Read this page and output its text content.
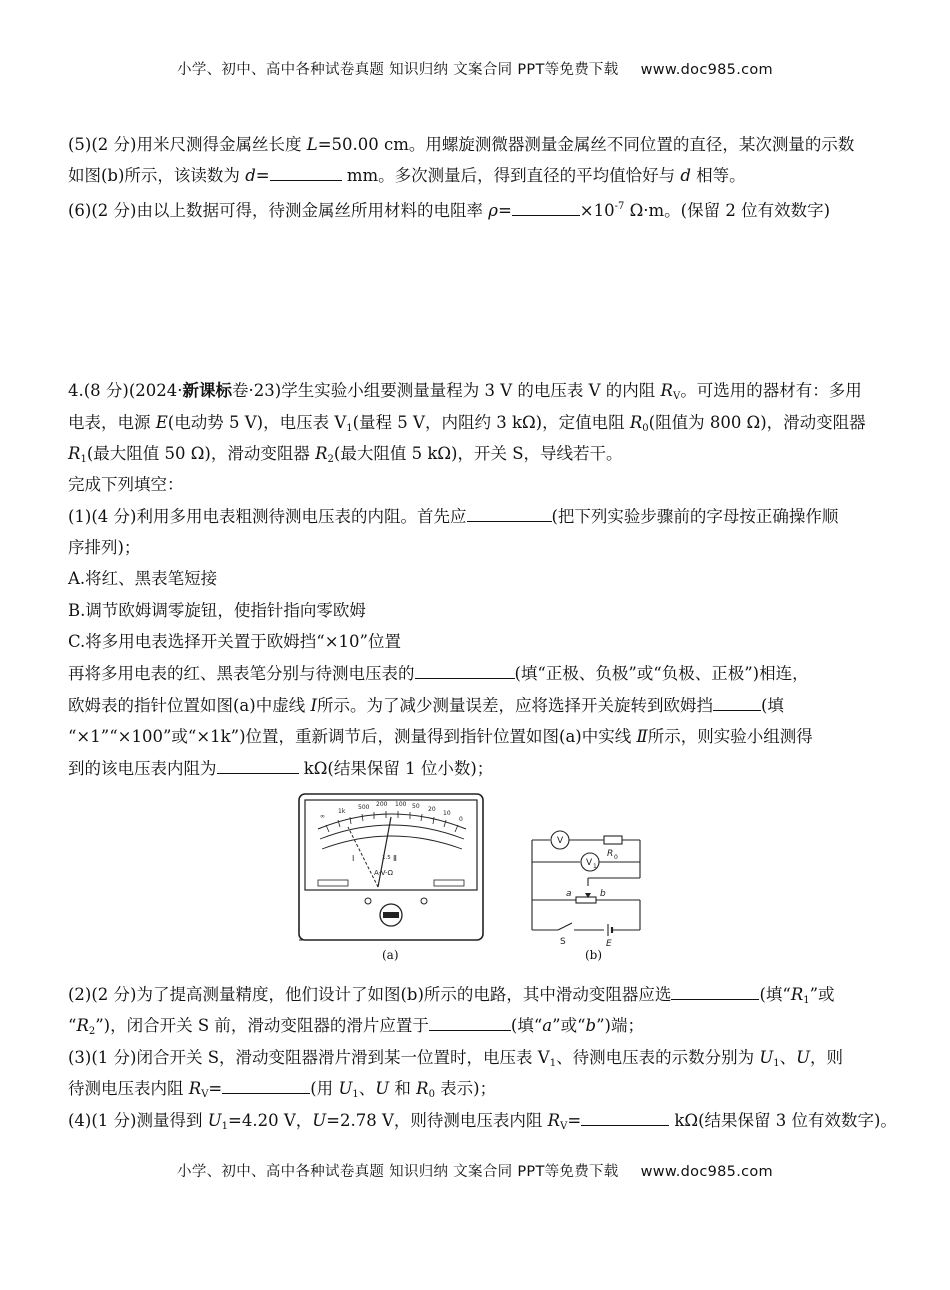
小学、初中、高中各种试卷真题 知识归纳 文案合同 PPT等免费下载 www.doc985.com
(5)(2 分)用米尺测得金属丝长度 L=50.00 cm。用螺旋测微器测量金属丝不同位置的直径，某次测量的示数
如图(b)所示，该读数为 d=	mm。多次测量后，得到直径的平均值恰好与 d 相等。
(6)(2 分)由以上数据可得，待测金属丝所用材料的电阻率 ρ=	$\times 10^{-7}$ Ω·m。(保留 2 位有效数字)
4.(8 分)(2024·新课标卷·23)学生实验小组要测量量程为 3 V 的电压表 V 的内阻 $R_V$。可选用的器材有：多用
电表，电源 E(电动势 5 V)，电压表 $V_1$(量程 5 V，内阻约 3 kΩ)，定值电阻 $R_0$(阻值为 800 Ω)，滑动变阻器
$R_1$(最大阻值 50 Ω)，滑动变阻器 $R_2$(最大阻值 5 kΩ)，开关 S，导线若干。
完成下列填空：
(1)(4 分)利用多用电表粗测待测电压表的内阻。首先应	(把下列实验步骤前的字母按正确操作顺
序排列)；
A.将红、黑表笔短接
B.调节欧姆调零旋钮，使指针指向零欧姆
C.将多用电表选择开关置于欧姆挡“×10”位置
再将多用电表的红、黑表笔分别与待测电压表的	(填“正极、负极”或“负极、正极”)相连，
欧姆表的指针位置如图(a)中虚线 Ⅰ所示。为了减少测量误差，应将选择开关旋转到欧姆挡	(填
“×1”“×100”或“×1k”)位置，重新调节后，测量得到指针位置如图(a)中实线 Ⅱ所示，则实验小组测得
到的该电压表内阻为	kΩ(结果保留 1 位小数)；
∞
1k
500 200 100 50 20
10
0
Ⅰ	Ⅱ
1.5
A-V-Ω
(a)
V
V 1
R 0
a	b
S	E
(b)
(2)(2 分)为了提高测量精度，他们设计了如图(b)所示的电路，其中滑动变阻器应选	(填“$R_1$”或
“$R_2$”)，闭合开关 S 前，滑动变阻器的滑片应置于	(填“a”或“b”)端；
(3)(1 分)闭合开关 S，滑动变阻器滑片滑到某一位置时，电压表 $V_1$、待测电压表的示数分别为 $U_1$、U，则
待测电压表内阻 $R_V=$	(用 $U_1$、U 和 $R_0$ 表示)；
(4)(1 分)测量得到 $U_1=4.20$ V，U=2.78 V，则待测电压表内阻 $R_V=$	kΩ(结果保留 3 位有效数字)。
小学、初中、高中各种试卷真题 知识归纳 文案合同 PPT等免费下载 www.doc985.com
